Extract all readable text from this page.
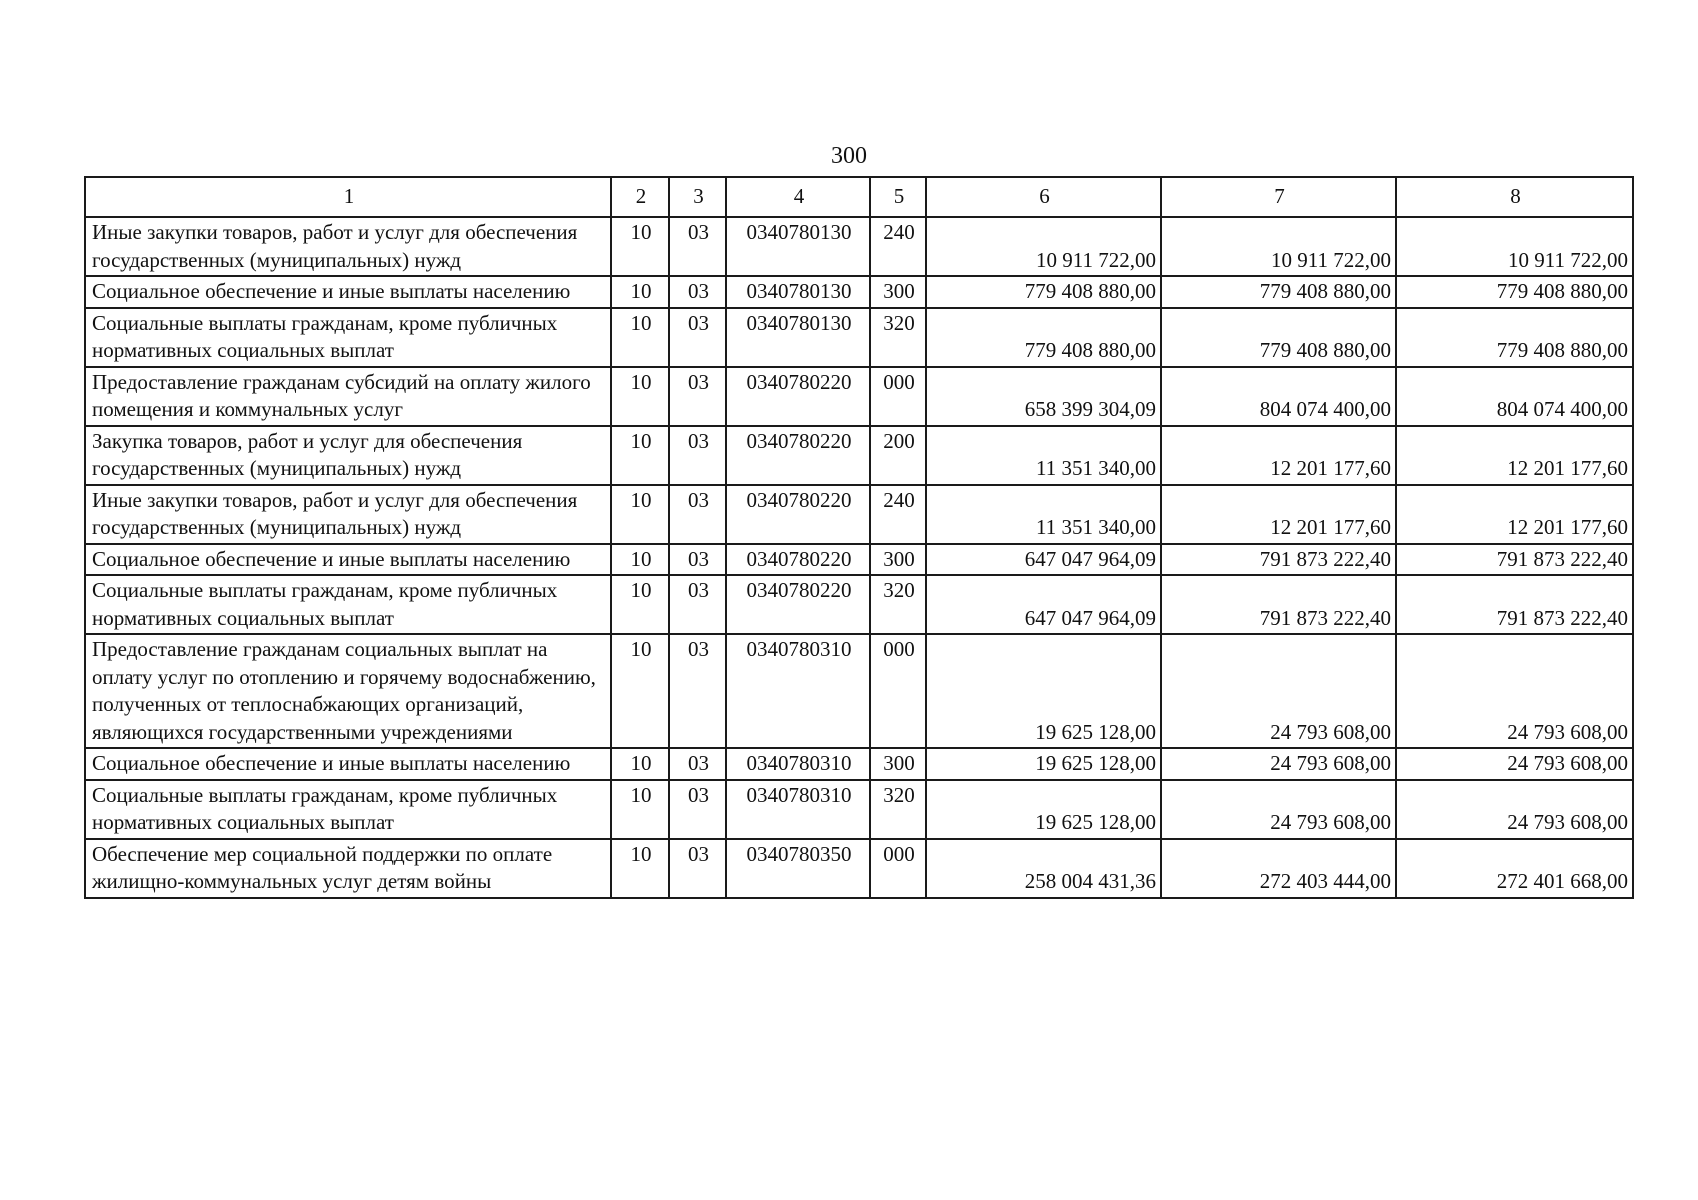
300
1	2	3	4	5	6	7	8
Иные закупки товаров, работ и услуг для обеспечения государственных (муниципальных) нужд	10	03	0340780130	240	10 911 722,00	10 911 722,00	10 911 722,00
Социальное обеспечение и иные выплаты населению	10	03	0340780130	300	779 408 880,00	779 408 880,00	779 408 880,00
Социальные выплаты гражданам, кроме публичных нормативных социальных выплат	10	03	0340780130	320	779 408 880,00	779 408 880,00	779 408 880,00
Предоставление гражданам субсидий на оплату жилого помещения и коммунальных услуг	10	03	0340780220	000	658 399 304,09	804 074 400,00	804 074 400,00
Закупка товаров, работ и услуг для обеспечения государственных (муниципальных) нужд	10	03	0340780220	200	11 351 340,00	12 201 177,60	12 201 177,60
Иные закупки товаров, работ и услуг для обеспечения государственных (муниципальных) нужд	10	03	0340780220	240	11 351 340,00	12 201 177,60	12 201 177,60
Социальное обеспечение и иные выплаты населению	10	03	0340780220	300	647 047 964,09	791 873 222,40	791 873 222,40
Социальные выплаты гражданам, кроме публичных нормативных социальных выплат	10	03	0340780220	320	647 047 964,09	791 873 222,40	791 873 222,40
Предоставление гражданам социальных выплат на оплату услуг по отоплению и горячему водоснабжению, полученных от теплоснабжающих организаций, являющихся государственными учреждениями	10	03	0340780310	000	19 625 128,00	24 793 608,00	24 793 608,00
Социальное обеспечение и иные выплаты населению	10	03	0340780310	300	19 625 128,00	24 793 608,00	24 793 608,00
Социальные выплаты гражданам, кроме публичных нормативных социальных выплат	10	03	0340780310	320	19 625 128,00	24 793 608,00	24 793 608,00
Обеспечение мер социальной поддержки по оплате жилищно-коммунальных услуг детям войны	10	03	0340780350	000	258 004 431,36	272 403 444,00	272 401 668,00
